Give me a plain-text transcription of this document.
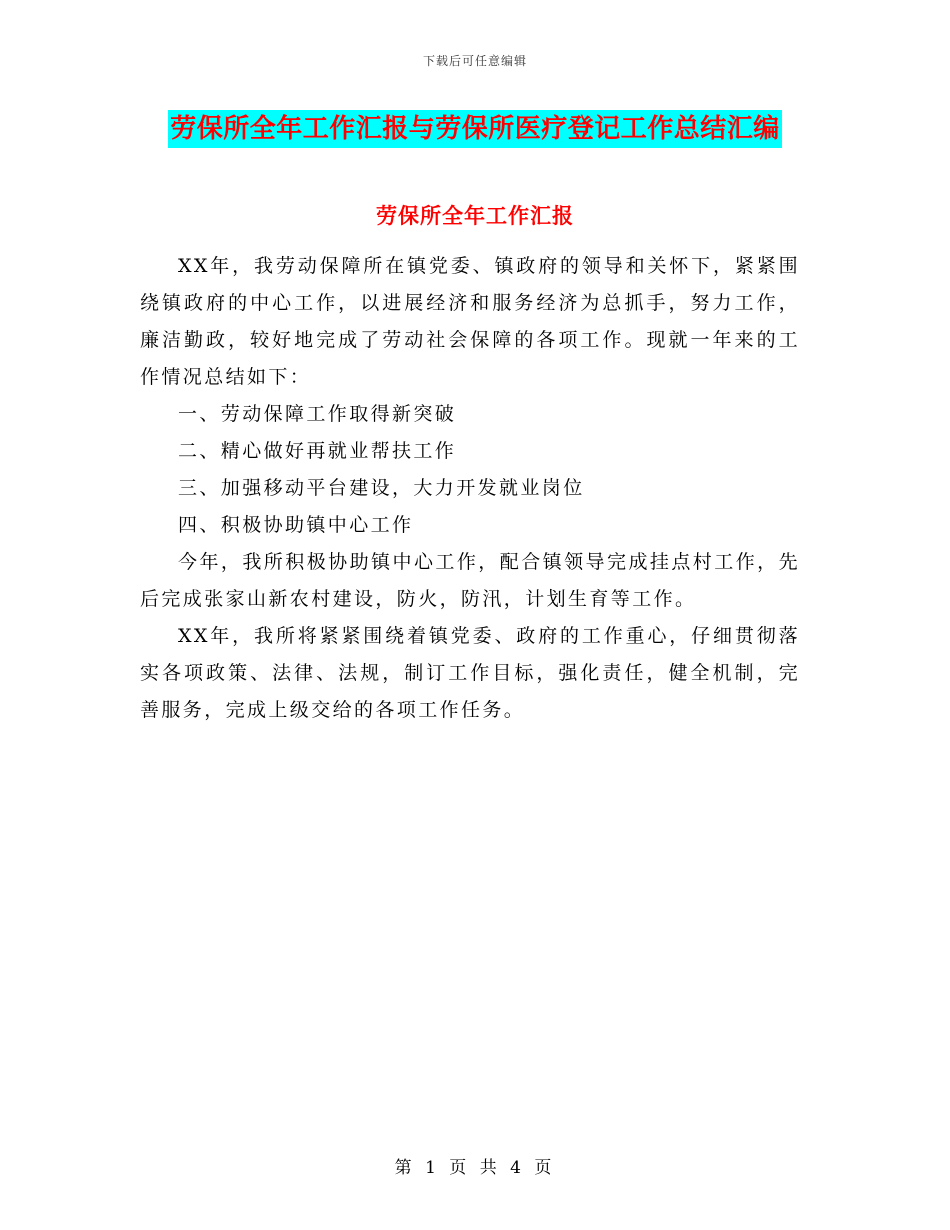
下载后可任意编辑
劳保所全年工作汇报与劳保所医疗登记工作总结汇编
劳保所全年工作汇报

XX年，我劳动保障所在镇党委、镇政府的领导和关怀下，紧紧围绕镇政府的中心工作，以进展经济和服务经济为总抓手，努力工作，廉洁勤政，较好地完成了劳动社会保障的各项工作。现就一年来的工作情况总结如下：

一、劳动保障工作取得新突破

二、精心做好再就业帮扶工作

三、加强移动平台建设，大力开发就业岗位

四、积极协助镇中心工作

今年，我所积极协助镇中心工作，配合镇领导完成挂点村工作，先后完成张家山新农村建设，防火，防汛，计划生育等工作。

XX年，我所将紧紧围绕着镇党委、政府的工作重心，仔细贯彻落实各项政策、法律、法规，制订工作目标，强化责任，健全机制，完善服务，完成上级交给的各项工作任务。

第 1 页 共 4 页
